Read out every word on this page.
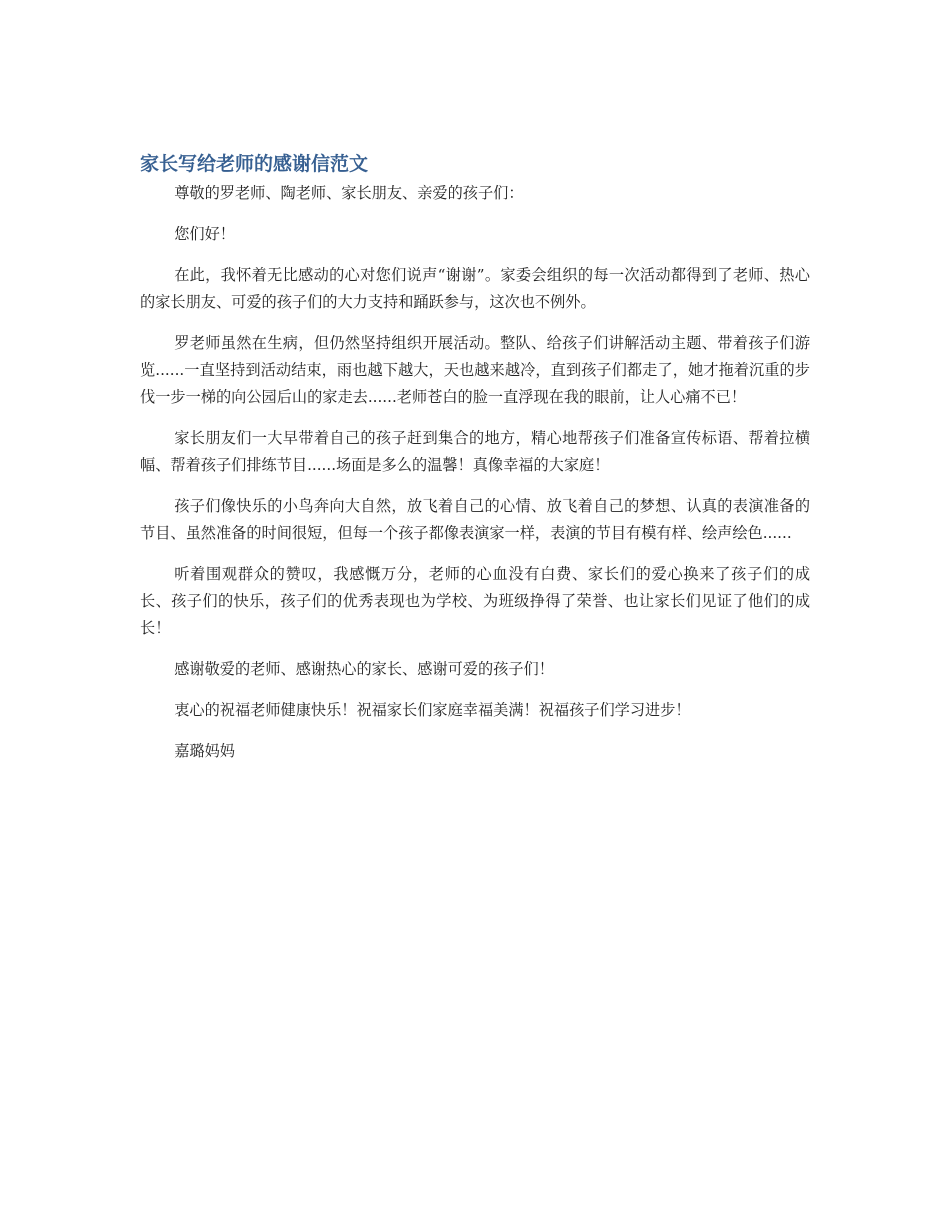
家长写给老师的感谢信范文

尊敬的罗老师、陶老师、家长朋友、亲爱的孩子们：

您们好！

在此，我怀着无比感动的心对您们说声“谢谢”。家委会组织的每一次活动都得到了老师、热心的家长朋友、可爱的孩子们的大力支持和踊跃参与，这次也不例外。

罗老师虽然在生病，但仍然坚持组织开展活动。整队、给孩子们讲解活动主题、带着孩子们游览......一直坚持到活动结束，雨也越下越大，天也越来越冷，直到孩子们都走了，她才拖着沉重的步伐一步一梯的向公园后山的家走去......老师苍白的脸一直浮现在我的眼前，让人心痛不已！

家长朋友们一大早带着自己的孩子赶到集合的地方，精心地帮孩子们准备宣传标语、帮着拉横幅、帮着孩子们排练节目......场面是多么的温馨！真像幸福的大家庭！

孩子们像快乐的小鸟奔向大自然，放飞着自己的心情、放飞着自己的梦想、认真的表演准备的节目、虽然准备的时间很短，但每一个孩子都像表演家一样，表演的节目有模有样、绘声绘色......

听着围观群众的赞叹，我感慨万分，老师的心血没有白费、家长们的爱心换来了孩子们的成长、孩子们的快乐，孩子们的优秀表现也为学校、为班级挣得了荣誉、也让家长们见证了他们的成长！

感谢敬爱的老师、感谢热心的家长、感谢可爱的孩子们！

衷心的祝福老师健康快乐！祝福家长们家庭幸福美满！祝福孩子们学习进步！

嘉璐妈妈
